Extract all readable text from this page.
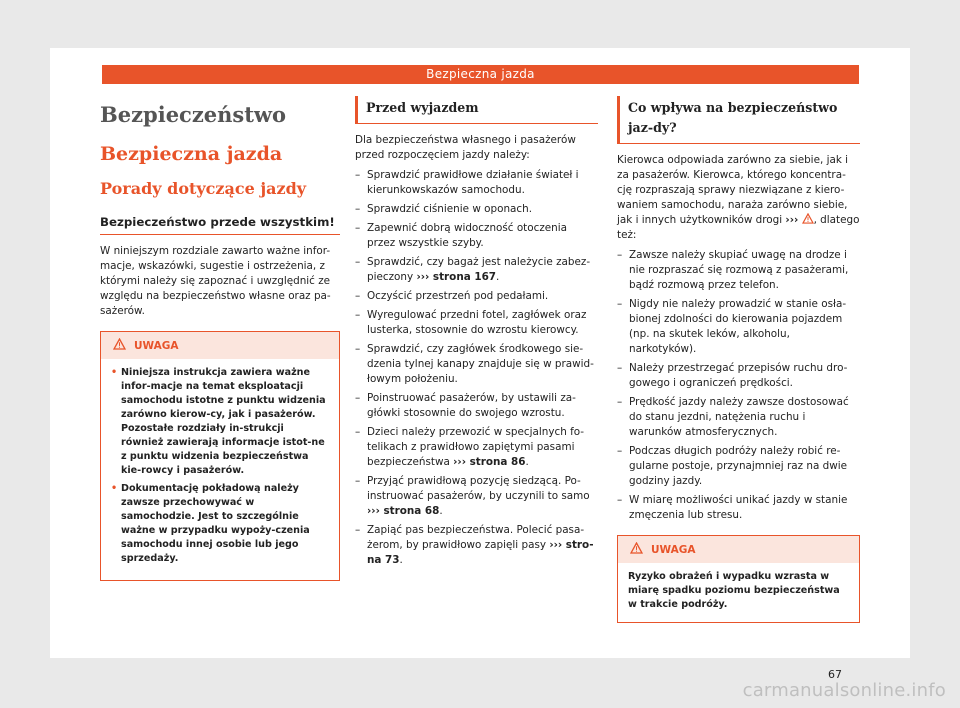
Bezpieczna jazda
Bezpieczeństwo
Bezpieczna jazda
Porady dotyczące jazdy
Bezpieczeństwo przede wszystkim!

W niniejszym rozdziale zawarto ważne infor-macje, wskazówki, sugestie i ostrzeżenia, z którymi należy się zapoznać i uwzględnić ze względu na bezpieczeństwo własne oraz pa-sażerów.

UWAGA
• Niniejsza instrukcja zawiera ważne infor-macje na temat eksploatacji samochodu istotne z punktu widzenia zarówno kierow-cy, jak i pasażerów. Pozostałe rozdziały in-strukcji również zawierają informacje istot-ne z punktu widzenia bezpieczeństwa kie-rowcy i pasażerów.
• Dokumentację pokładową należy zawsze przechowywać w samochodzie. Jest to szczególnie ważne w przypadku wypoży-czenia samochodu innej osobie lub jego sprzedaży.
Przed wyjazdem

Dla bezpieczeństwa własnego i pasażerów przed rozpoczęciem jazdy należy:

– Sprawdzić prawidłowe działanie świateł i kierunkowskazów samochodu.
– Sprawdzić ciśnienie w oponach.
– Zapewnić dobrą widoczność otoczenia przez wszystkie szyby.
– Sprawdzić, czy bagaż jest należycie zabez-pieczony ››› strona 167.
– Oczyścić przestrzeń pod pedałami.
– Wyregulować przedni fotel, zagłówek oraz lusterka, stosownie do wzrostu kierowcy.
– Sprawdzić, czy zagłówek środkowego sie-dzenia tylnej kanapy znajduje się w prawid-łowym położeniu.
– Poinstruować pasażerów, by ustawili za-główki stosownie do swojego wzrostu.
– Dzieci należy przewozić w specjalnych fo-telikach z prawidłowo zapiętymi pasami bezpieczeństwa ››› strona 86.
– Przyjąć prawidłową pozycję siedzącą. Po-instruować pasażerów, by uczynili to samo ››› strona 68.
– Zapiąć pas bezpieczeństwa. Polecić pasa-żerom, by prawidłowo zapięli pasy ››› stro-na 73.
Co wpływa na bezpieczeństwo jaz-dy?

Kierowca odpowiada zarówno za siebie, jak i za pasażerów. Kierowca, którego koncentra-cję rozpraszają sprawy niezwiązane z kiero-waniem samochodu, naraża zarówno siebie, jak i innych użytkowników drogi ››› , dlatego też:

– Zawsze należy skupiać uwagę na drodze i nie rozpraszać się rozmową z pasażerami, bądź rozmową przez telefon.
– Nigdy nie należy prowadzić w stanie osła-bionej zdolności do kierowania pojazdem (np. na skutek leków, alkoholu, narkotyków).
– Należy przestrzegać przepisów ruchu dro-gowego i ograniczeń prędkości.
– Prędkość jazdy należy zawsze dostosować do stanu jezdni, natężenia ruchu i warunków atmosferycznych.
– Podczas długich podróży należy robić re-gularne postoje, przynajmniej raz na dwie godziny jazdy.
– W miarę możliwości unikać jazdy w stanie zmęczenia lub stresu.
UWAGA
Ryzyko obrażeń i wypadku wzrasta w miarę spadku poziomu bezpieczeństwa w trakcie podróży.
67
carmanualsonline.info
